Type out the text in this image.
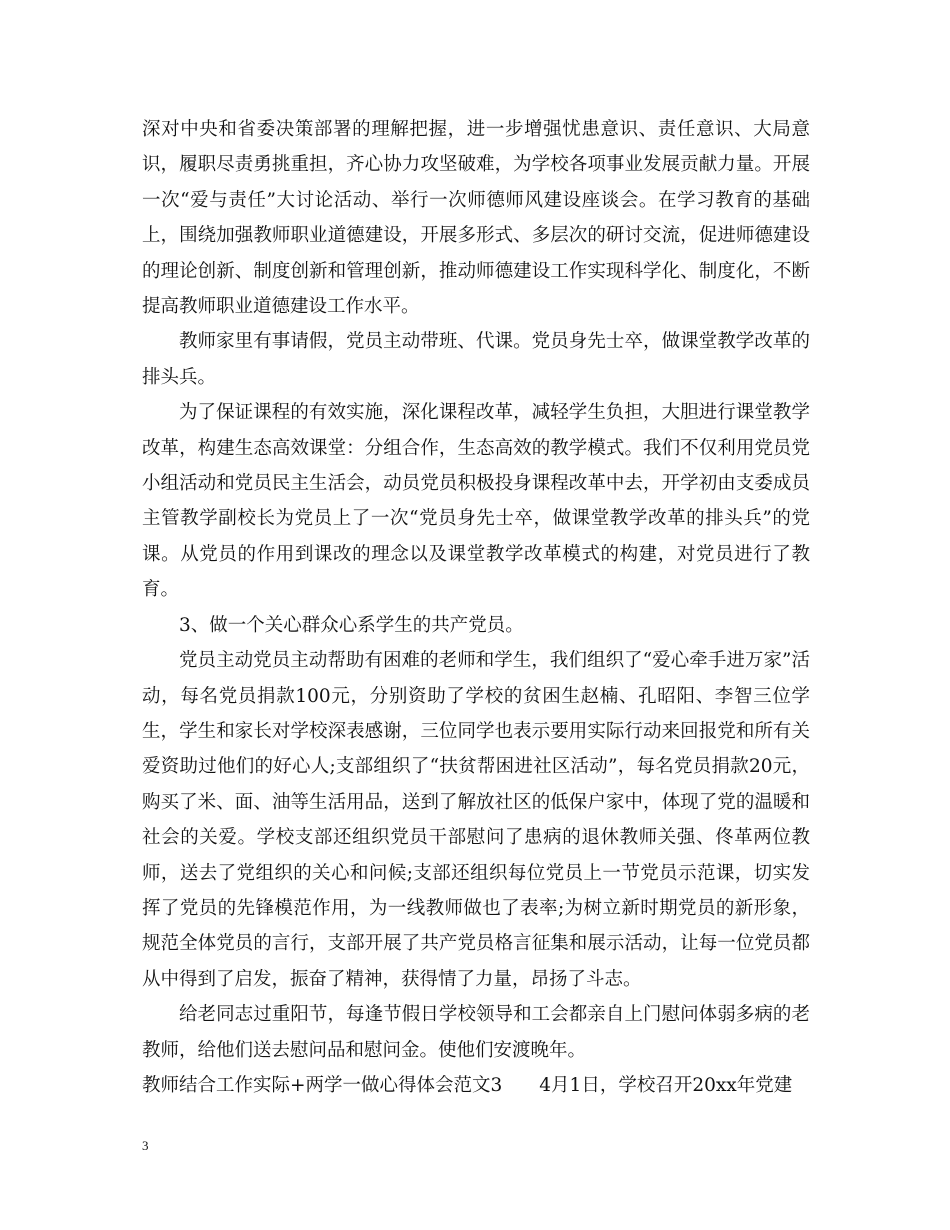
深对中央和省委决策部署的理解把握，进一步增强忧患意识、责任意识、大局意识，履职尽责勇挑重担，齐心协力攻坚破难，为学校各项事业发展贡献力量。开展一次“爱与责任”大讨论活动、举行一次师德师风建设座谈会。在学习教育的基础上，围绕加强教师职业道德建设，开展多形式、多层次的研讨交流，促进师德建设的理论创新、制度创新和管理创新，推动师德建设工作实现科学化、制度化，不断提高教师职业道德建设工作水平。

教师家里有事请假，党员主动带班、代课。党员身先士卒，做课堂教学改革的排头兵。

为了保证课程的有效实施，深化课程改革，减轻学生负担，大胆进行课堂教学改革，构建生态高效课堂：分组合作，生态高效的教学模式。我们不仅利用党员党小组活动和党员民主生活会，动员党员积极投身课程改革中去，开学初由支委成员主管教学副校长为党员上了一次“党员身先士卒，做课堂教学改革的排头兵”的党课。从党员的作用到课改的理念以及课堂教学改革模式的构建，对党员进行了教育。

3、做一个关心群众心系学生的共产党员。

党员主动党员主动帮助有困难的老师和学生，我们组织了“爱心牵手进万家”活动，每名党员捐款100元，分别资助了学校的贫困生赵楠、孔昭阳、李智三位学生，学生和家长对学校深表感谢，三位同学也表示要用实际行动来回报党和所有关爱资助过他们的好心人;支部组织了“扶贫帮困进社区活动”，每名党员捐款20元，购买了米、面、油等生活用品，送到了解放社区的低保户家中，体现了党的温暖和社会的关爱。学校支部还组织党员干部慰问了患病的退休教师关强、佟革两位教师，送去了党组织的关心和问候;支部还组织每位党员上一节党员示范课，切实发挥了党员的先锋模范作用，为一线教师做也了表率;为树立新时期党员的新形象，规范全体党员的言行，支部开展了共产党员格言征集和展示活动，让每一位党员都从中得到了启发，振奋了精神，获得情了力量，昂扬了斗志。

给老同志过重阳节，每逢节假日学校领导和工会都亲自上门慰问体弱多病的老教师，给他们送去慰问品和慰问金。使他们安渡晚年。

教师结合工作实际+两学一做心得体会范文3　　4月1日，学校召开20xx年党建

3
